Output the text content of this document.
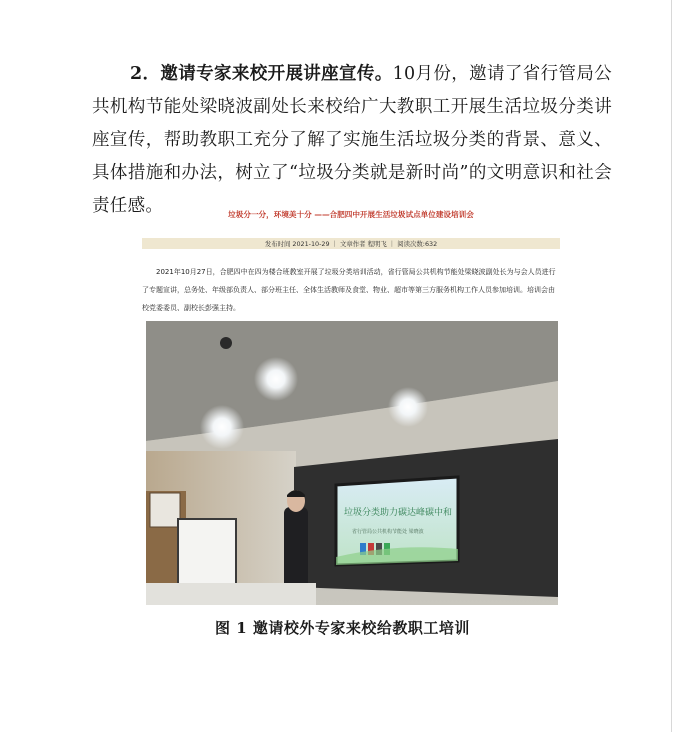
2．邀请专家来校开展讲座宣传。10月份，邀请了省行管局公共机构节能处梁晓波副处长来校给广大教职工开展生活垃圾分类讲座宣传，帮助教职工充分了解了实施生活垃圾分类的背景、意义、具体措施和办法，树立了“垃圾分类就是新时尚”的文明意识和社会责任感。	垃圾分一分，环境美十分 ——合肥四中开展生活垃圾试点单位建设培训会
发布时间 2021-10-29 ｜ 文章作者 程明飞 ｜ 阅读次数:632
2021年10月27日，合肥四中在四为楼合班教室开展了垃圾分类培训活动，省行管局公共机构节能处梁晓波副处长为与会人员进行了专题宣讲，总务处、年级部负责人、部分班主任、全体生活教师及食堂、物业、超市等第三方服务机构工作人员参加培训。培训会由校党委委员、副校长彭强主持。
垃圾分类助力碳达峰碳中和
省行管局公共机构节能处 梁晓波
图 1 邀请校外专家来校给教职工培训
